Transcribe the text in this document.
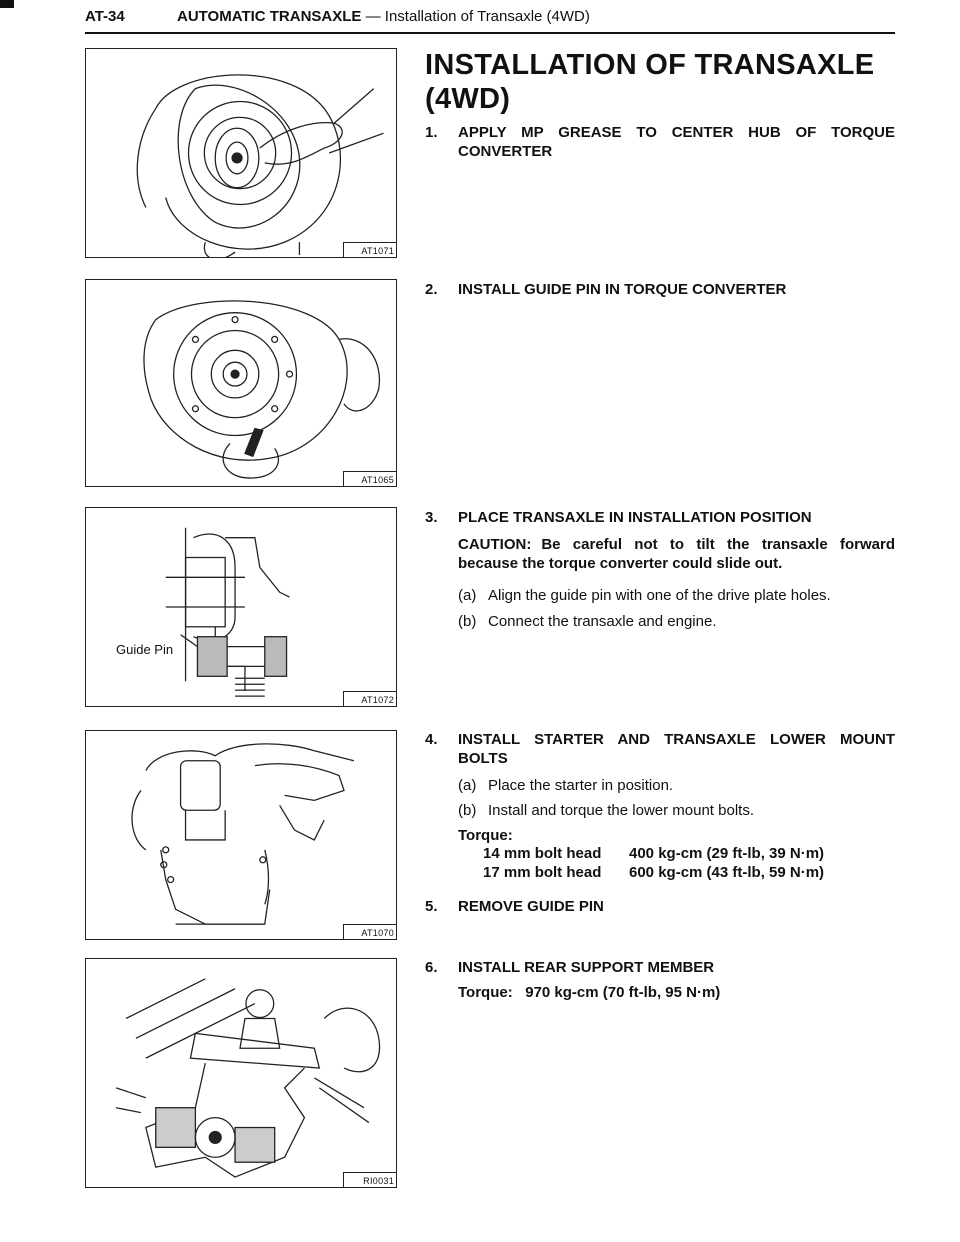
AT-34	AUTOMATIC TRANSAXLE — Installation of Transaxle (4WD)
AT1071
AT1065
Guide Pin
AT1072
AT1070
RI0031
INSTALLATION OF TRANSAXLE (4WD)
1. APPLY MP GREASE TO CENTER HUB OF TORQUE CONVERTER
2. INSTALL GUIDE PIN IN TORQUE CONVERTER
3. PLACE TRANSAXLE IN INSTALLATION POSITION
CAUTION: Be careful not to tilt the transaxle forward because the torque converter could slide out.
(a) Align the guide pin with one of the drive plate holes.
(b) Connect the transaxle and engine.
4. INSTALL STARTER AND TRANSAXLE LOWER MOUNT BOLTS
(a) Place the starter in position.
(b) Install and torque the lower mount bolts.
Torque:
14 mm bolt head 400 kg-cm (29 ft-lb, 39 N·m)
17 mm bolt head 600 kg-cm (43 ft-lb, 59 N·m)
5. REMOVE GUIDE PIN
6. INSTALL REAR SUPPORT MEMBER
Torque: 970 kg-cm (70 ft-lb, 95 N·m)
